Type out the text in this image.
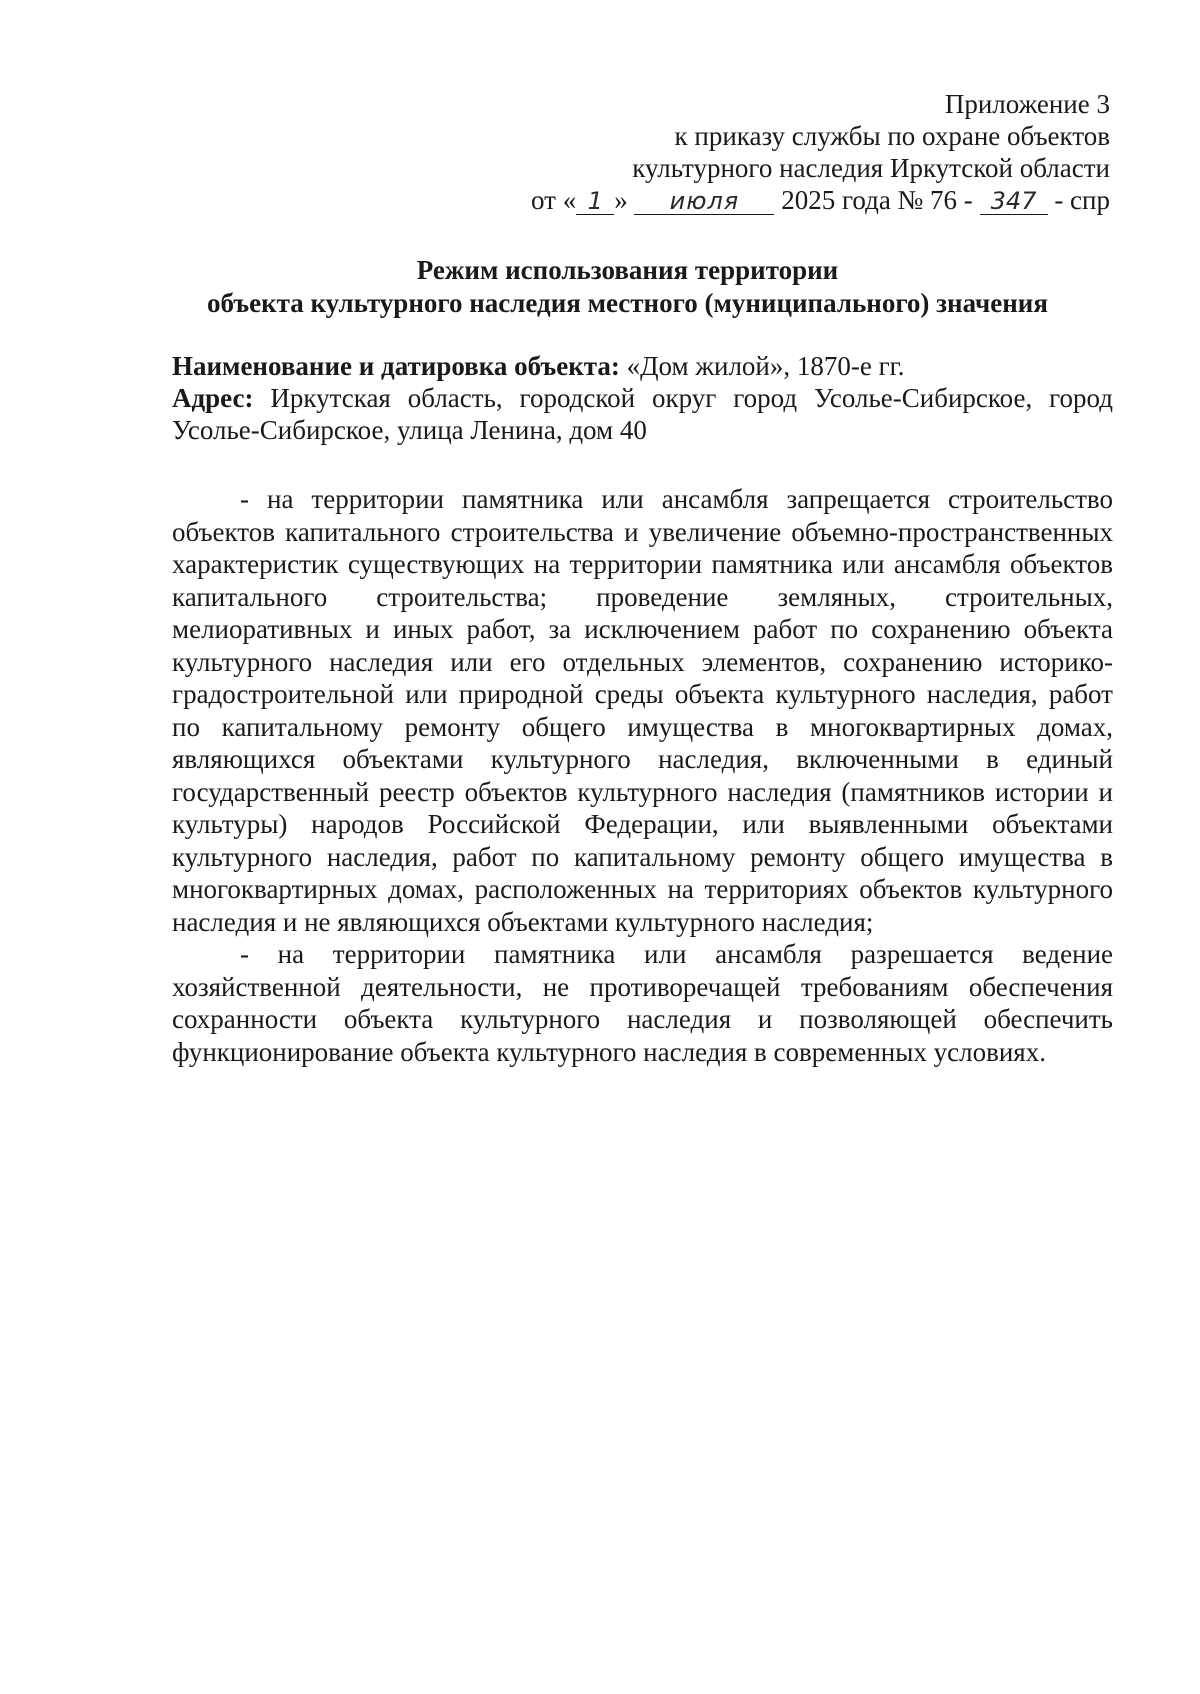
Приложение 3
к приказу службы по охране объектов
культурного наследия Иркутской области
от « 1 » июля 2025 года № 76 - 347 - спр
Режим использования территории
объекта культурного наследия местного (муниципального) значения

Наименование и датировка объекта: «Дом жилой», 1870-е гг.

Адрес: Иркутская область, городской округ город Усолье-Сибирское, город Усолье-Сибирское, улица Ленина, дом 40

- на территории памятника или ансамбля запрещается строительство объектов капитального строительства и увеличение объемно-пространственных характеристик существующих на территории памятника или ансамбля объектов капитального строительства; проведение земляных, строительных, мелиоративных и иных работ, за исключением работ по сохранению объекта культурного наследия или его отдельных элементов, сохранению историко-градостроительной или природной среды объекта культурного наследия, работ по капитальному ремонту общего имущества в многоквартирных домах, являющихся объектами культурного наследия, включенными в единый государственный реестр объектов культурного наследия (памятников истории и культуры) народов Российской Федерации, или выявленными объектами культурного наследия, работ по капитальному ремонту общего имущества в многоквартирных домах, расположенных на территориях объектов культурного наследия и не являющихся объектами культурного наследия;

- на территории памятника или ансамбля разрешается ведение хозяйственной деятельности, не противоречащей требованиям обеспечения сохранности объекта культурного наследия и позволяющей обеспечить функционирование объекта культурного наследия в современных условиях.
